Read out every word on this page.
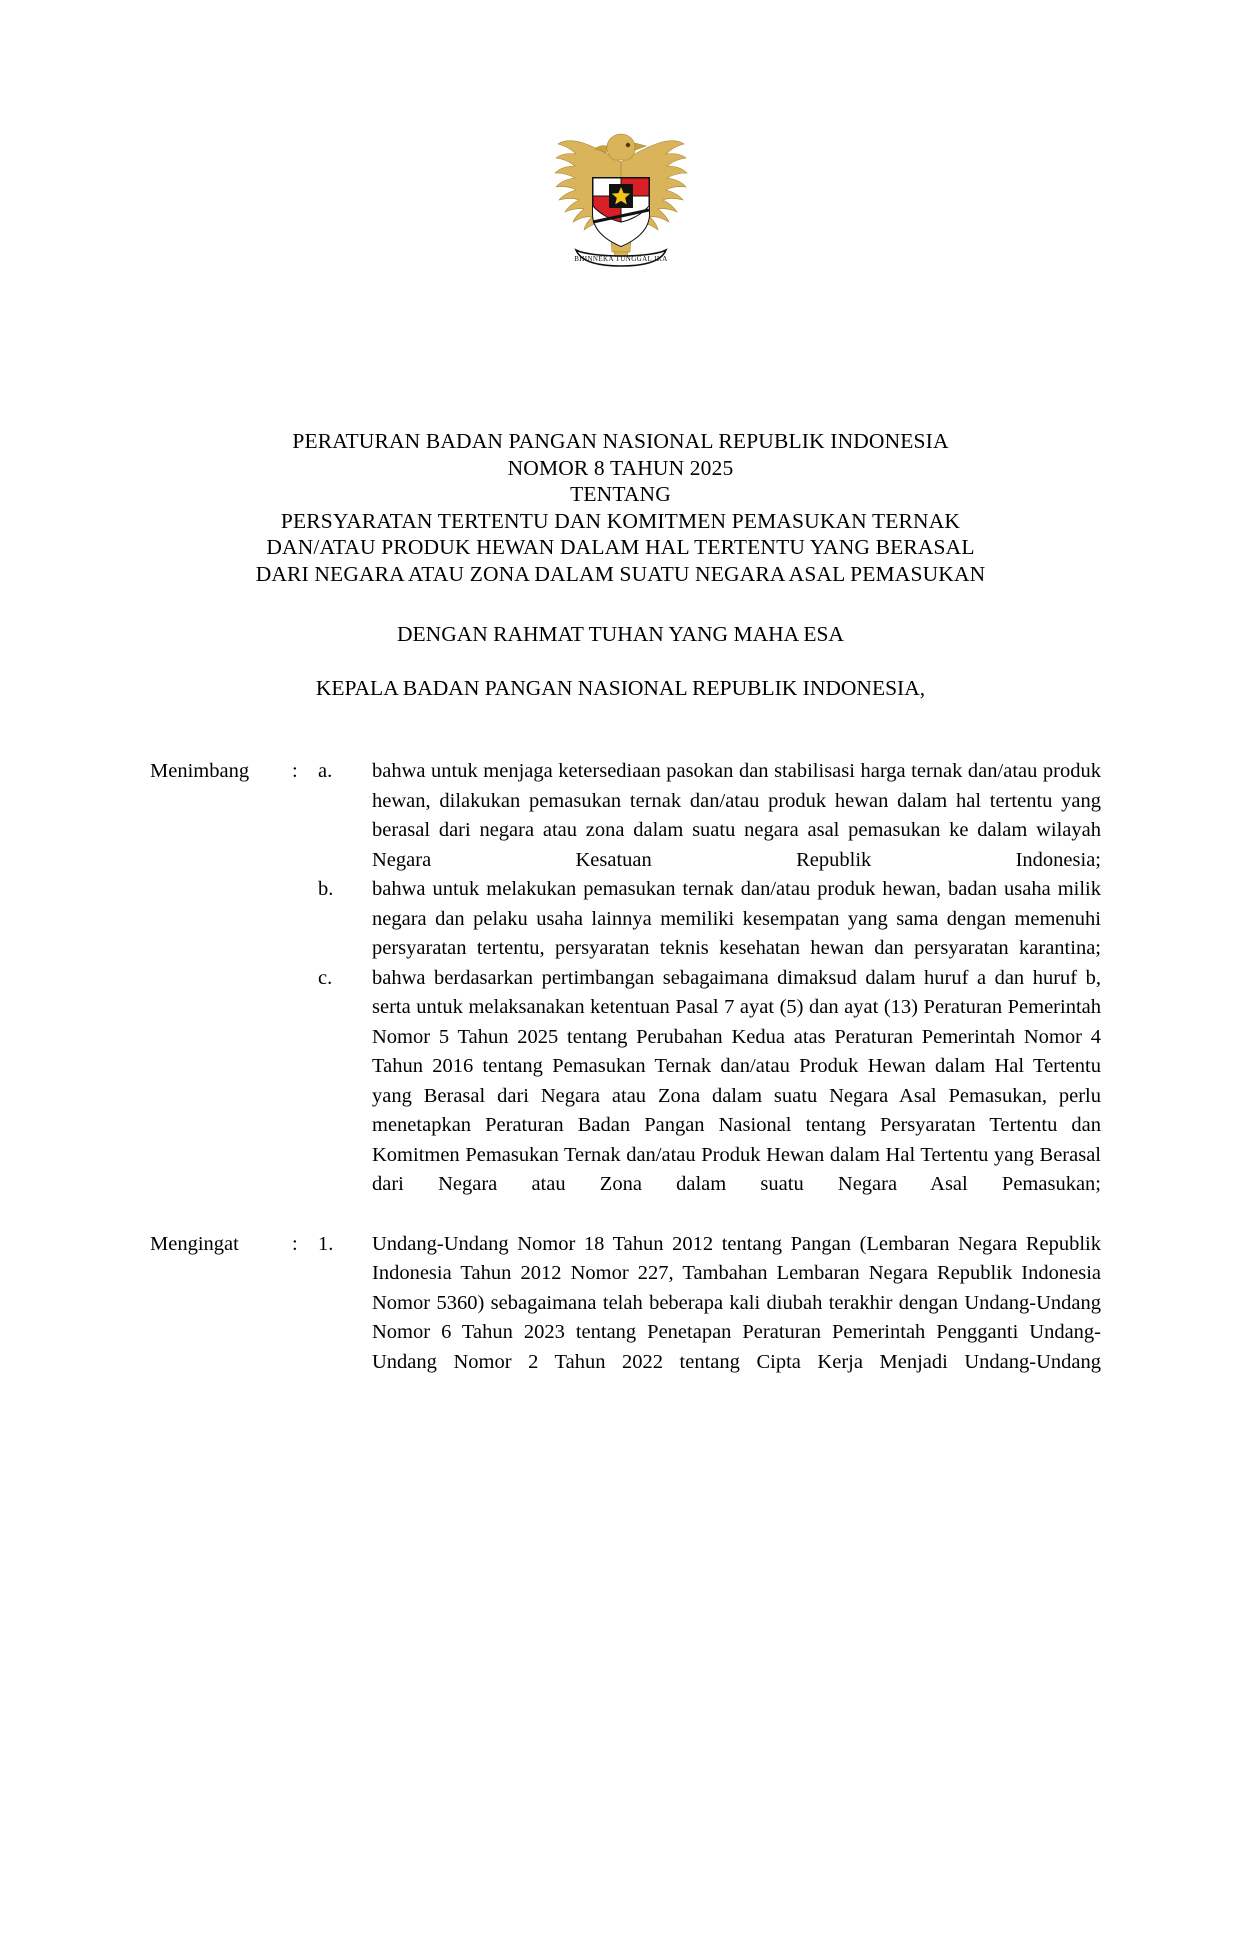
BHINNEKA TUNGGAL IKA
PERATURAN BADAN PANGAN NASIONAL REPUBLIK INDONESIA
NOMOR 8 TAHUN 2025
TENTANG
PERSYARATAN TERTENTU DAN KOMITMEN PEMASUKAN TERNAK
DAN/ATAU PRODUK HEWAN DALAM HAL TERTENTU YANG BERASAL
DARI NEGARA ATAU ZONA DALAM SUATU NEGARA ASAL PEMASUKAN
DENGAN RAHMAT TUHAN YANG MAHA ESA
KEPALA BADAN PANGAN NASIONAL REPUBLIK INDONESIA,
Menimbang	: a.	bahwa untuk menjaga ketersediaan pasokan dan stabilisasi harga ternak dan/atau produk hewan, dilakukan pemasukan ternak dan/atau produk hewan dalam hal tertentu yang berasal dari negara atau zona dalam suatu negara asal pemasukan ke dalam wilayah Negara Kesatuan Republik Indonesia;
b.	bahwa untuk melakukan pemasukan ternak dan/atau produk hewan, badan usaha milik negara dan pelaku usaha lainnya memiliki kesempatan yang sama dengan memenuhi persyaratan tertentu, persyaratan teknis kesehatan hewan dan persyaratan karantina;
c.	bahwa berdasarkan pertimbangan sebagaimana dimaksud dalam huruf a dan huruf b, serta untuk melaksanakan ketentuan Pasal 7 ayat (5) dan ayat (13) Peraturan Pemerintah Nomor 5 Tahun 2025 tentang Perubahan Kedua atas Peraturan Pemerintah Nomor 4 Tahun 2016 tentang Pemasukan Ternak dan/atau Produk Hewan dalam Hal Tertentu yang Berasal dari Negara atau Zona dalam suatu Negara Asal Pemasukan, perlu menetapkan Peraturan Badan Pangan Nasional tentang Persyaratan Tertentu dan Komitmen Pemasukan Ternak dan/atau Produk Hewan dalam Hal Tertentu yang Berasal dari Negara atau Zona dalam suatu Negara Asal Pemasukan;
Mengingat	: 1.	Undang-Undang Nomor 18 Tahun 2012 tentang Pangan (Lembaran Negara Republik Indonesia Tahun 2012 Nomor 227, Tambahan Lembaran Negara Republik Indonesia Nomor 5360) sebagaimana telah beberapa kali diubah terakhir dengan Undang-Undang Nomor 6 Tahun 2023 tentang Penetapan Peraturan Pemerintah Pengganti Undang-Undang Nomor 2 Tahun 2022 tentang Cipta Kerja Menjadi Undang-Undang
